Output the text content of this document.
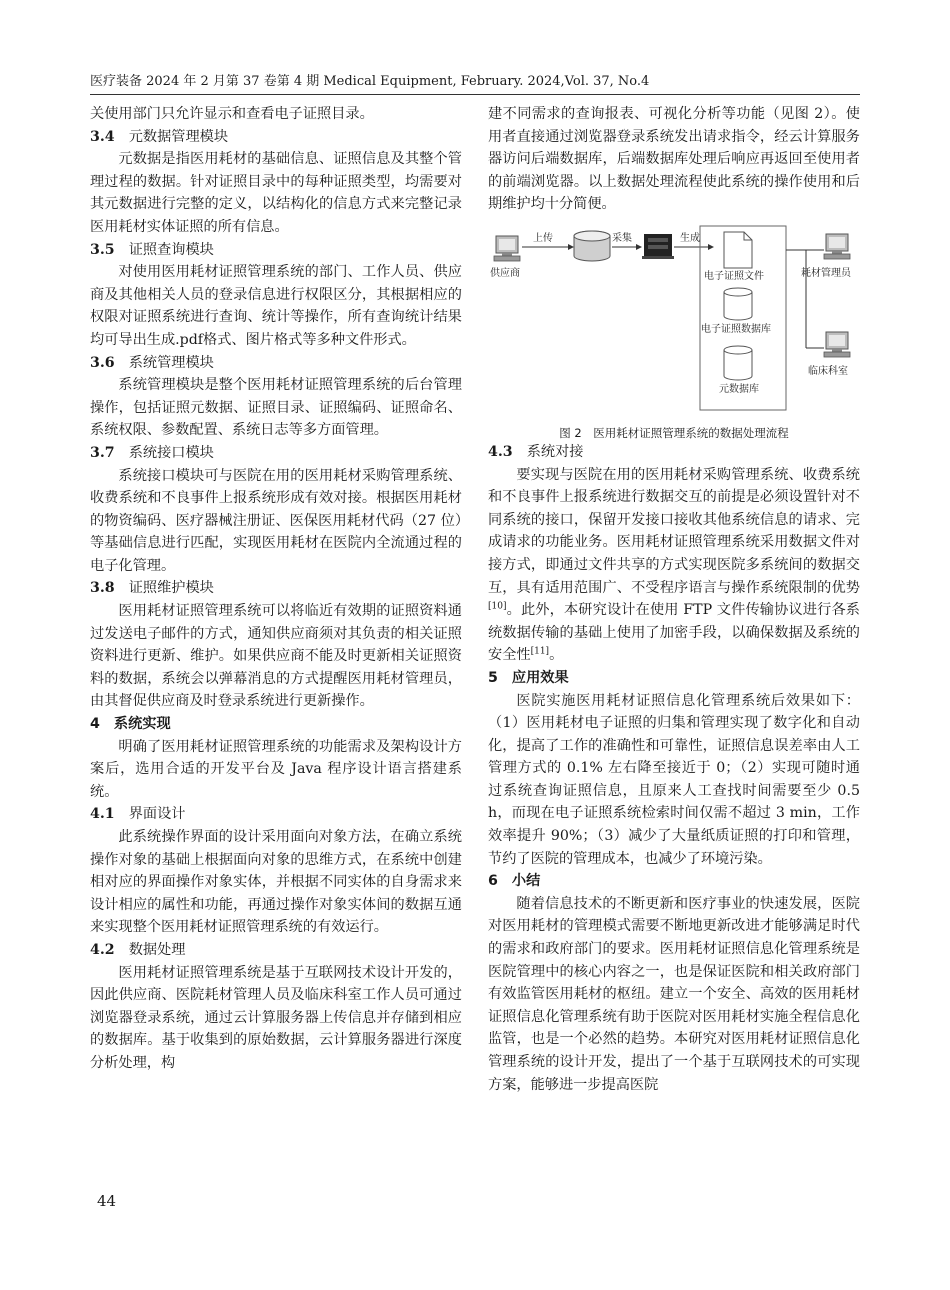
医疗装备 2024 年 2 月第 37 卷第 4 期 Medical Equipment, February. 2024,Vol. 37, No.4

关使用部门只允许显示和查看电子证照目录。

3.4 元数据管理模块

元数据是指医用耗材的基础信息、证照信息及其整个管理过程的数据。针对证照目录中的每种证照类型，均需要对其元数据进行完整的定义，以结构化的信息方式来完整记录医用耗材实体证照的所有信息。

3.5 证照查询模块

对使用医用耗材证照管理系统的部门、工作人员、供应商及其他相关人员的登录信息进行权限区分，其根据相应的权限对证照系统进行查询、统计等操作，所有查询统计结果均可导出生成.pdf格式、图片格式等多种文件形式。

3.6 系统管理模块

系统管理模块是整个医用耗材证照管理系统的后台管理操作，包括证照元数据、证照目录、证照编码、证照命名、系统权限、参数配置、系统日志等多方面管理。

3.7 系统接口模块

系统接口模块可与医院在用的医用耗材采购管理系统、收费系统和不良事件上报系统形成有效对接。根据医用耗材的物资编码、医疗器械注册证、医保医用耗材代码（27 位）等基础信息进行匹配，实现医用耗材在医院内全流通过程的电子化管理。

3.8 证照维护模块

医用耗材证照管理系统可以将临近有效期的证照资料通过发送电子邮件的方式，通知供应商须对其负责的相关证照资料进行更新、维护。如果供应商不能及时更新相关证照资料的数据，系统会以弹幕消息的方式提醒医用耗材管理员，由其督促供应商及时登录系统进行更新操作。

4 系统实现

明确了医用耗材证照管理系统的功能需求及架构设计方案后，选用合适的开发平台及 Java 程序设计语言搭建系统。

4.1 界面设计

此系统操作界面的设计采用面向对象方法，在确立系统操作对象的基础上根据面向对象的思维方式，在系统中创建相对应的界面操作对象实体，并根据不同实体的自身需求来设计相应的属性和功能，再通过操作对象实体间的数据互通来实现整个医用耗材证照管理系统的有效运行。

4.2 数据处理

医用耗材证照管理系统是基于互联网技术设计开发的，因此供应商、医院耗材管理人员及临床科室工作人员可通过浏览器登录系统，通过云计算服务器上传信息并存储到相应的数据库。基于收集到的原始数据，云计算服务器进行深度分析处理，构

建不同需求的查询报表、可视化分析等功能（见图 2）。使用者直接通过浏览器登录系统发出请求指令，经云计算服务器访问后端数据库，后端数据库处理后响应再返回至使用者的前端浏览器。以上数据处理流程使此系统的操作使用和后期维护均十分简便。

供应商
上传	采集	生成
电子证照文件
电子证照数据库
元数据库
耗材管理员
临床科室

图 2　医用耗材证照管理系统的数据处理流程

4.3 系统对接

要实现与医院在用的医用耗材采购管理系统、收费系统和不良事件上报系统进行数据交互的前提是必须设置针对不同系统的接口，保留开发接口接收其他系统信息的请求、完成请求的功能业务。医用耗材证照管理系统采用数据文件对接方式，即通过文件共享的方式实现医院多系统间的数据交互，具有适用范围广、不受程序语言与操作系统限制的优势[10]。此外，本研究设计在使用 FTP 文件传输协议进行各系统数据传输的基础上使用了加密手段，以确保数据及系统的安全性[11]。

5 应用效果

医院实施医用耗材证照信息化管理系统后效果如下：（1）医用耗材电子证照的归集和管理实现了数字化和自动化，提高了工作的准确性和可靠性，证照信息误差率由人工管理方式的 0.1% 左右降至接近于 0；（2）实现可随时通过系统查询证照信息，且原来人工查找时间需要至少 0.5 h，而现在电子证照系统检索时间仅需不超过 3 min，工作效率提升 90%；（3）减少了大量纸质证照的打印和管理，节约了医院的管理成本，也减少了环境污染。

6 小结

随着信息技术的不断更新和医疗事业的快速发展，医院对医用耗材的管理模式需要不断地更新改进才能够满足时代的需求和政府部门的要求。医用耗材证照信息化管理系统是医院管理中的核心内容之一，也是保证医院和相关政府部门有效监管医用耗材的枢纽。建立一个安全、高效的医用耗材证照信息化管理系统有助于医院对医用耗材实施全程信息化监管，也是一个必然的趋势。本研究对医用耗材证照信息化管理系统的设计开发，提出了一个基于互联网技术的可实现方案，能够进一步提高医院

44
